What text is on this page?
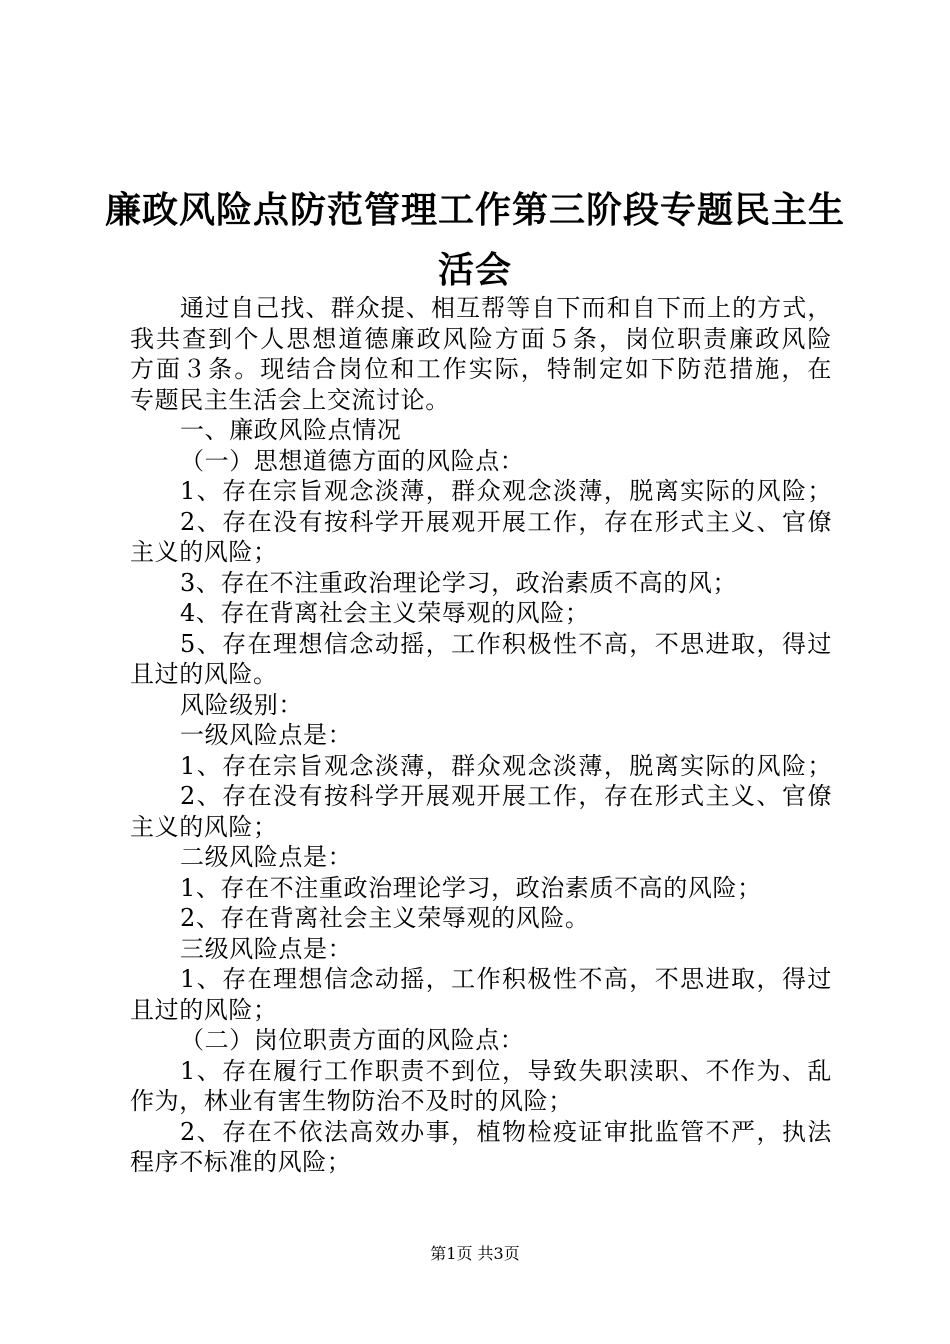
廉政风险点防范管理工作第三阶段专题民主生
活会
通过自己找、群众提、相互帮等自下而和自下而上的方式，
我共查到个人思想道德廉政风险方面５条，岗位职责廉政风险
方面３条。现结合岗位和工作实际，特制定如下防范措施，在
专题民主生活会上交流讨论。
一、廉政风险点情况
（一）思想道德方面的风险点：
1、存在宗旨观念淡薄，群众观念淡薄，脱离实际的风险；
2、存在没有按科学开展观开展工作，存在形式主义、官僚
主义的风险；
3、存在不注重政治理论学习，政治素质不高的风；
4、存在背离社会主义荣辱观的风险；
5、存在理想信念动摇，工作积极性不高，不思进取，得过
且过的风险。
风险级别：
一级风险点是：
1、存在宗旨观念淡薄，群众观念淡薄，脱离实际的风险；
2、存在没有按科学开展观开展工作，存在形式主义、官僚
主义的风险；
二级风险点是：
1、存在不注重政治理论学习，政治素质不高的风险；
2、存在背离社会主义荣辱观的风险。
三级风险点是：
1、存在理想信念动摇，工作积极性不高，不思进取，得过
且过的风险；
（二）岗位职责方面的风险点：
1、存在履行工作职责不到位，导致失职渎职、不作为、乱
作为，林业有害生物防治不及时的风险；
2、存在不依法高效办事，植物检疫证审批监管不严，执法
程序不标准的风险；
第1页 共3页
